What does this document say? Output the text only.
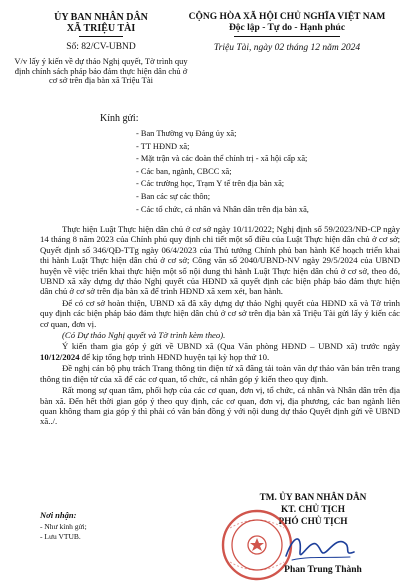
ỦY BAN NHÂN DÂN
XÃ TRIỆU TÀI
CỘNG HÒA XÃ HỘI CHỦ NGHĨA VIỆT NAM
Độc lập - Tự do - Hạnh phúc
Số: 82/CV-UBND	Triệu Tài, ngày 02 tháng 12 năm 2024
V/v lấy ý kiến về dự thảo Nghị quyết, Tờ trình quy định chính sách pháp bảo đảm thực hiện dân chủ ở cơ sở trên địa bàn xã Triệu Tài
Kính gửi:
- Ban Thường vụ Đảng ủy xã;
- TT HĐND xã;
- Mặt trận và các đoàn thể chính trị - xã hội cấp xã;
- Các ban, ngành, CBCC xã;
- Các trường học, Trạm Y tế trên địa bàn xã;
- Ban các sự các thôn;
- Các tổ chức, cá nhân và Nhân dân trên địa bàn xã,

Thực hiện Luật Thực hiện dân chủ ở cơ sở ngày 10/11/2022; Nghị định số 59/2023/NĐ-CP ngày 14 tháng 8 năm 2023 của Chính phủ quy định chi tiết một số điều của Luật Thực hiện dân chủ ở cơ sở; Quyết định số 346/QĐ-TTg ngày 06/4/2023 của Thủ tướng Chính phủ ban hành Kế hoạch triển khai thi hành Luật Thực hiện dân chủ ở cơ sở; Công văn số 2040/UBND-NV ngày 29/5/2024 của UBND huyện về việc triển khai thực hiện một số nội dung thi hành Luật Thực hiện dân chủ ở cơ sở, theo đó, UBND xã xây dựng dự thảo Nghị quyết của HĐND xã quyết định các biện pháp bảo đảm thực hiện dân chủ ở cơ sở trên địa bàn xã để trình HĐND xã xem xét, ban hành.

Để có cơ sở hoàn thiện, UBND xã đã xây dựng dự thảo Nghị quyết của HĐND xã và Tờ trình quy định các biện pháp bảo đảm thực hiện dân chủ ở cơ sở trên địa bàn xã Triệu Tài gửi lấy ý kiến các cơ quan, đơn vị.

(Có Dự thảo Nghị quyết và Tờ trình kèm theo).

Ý kiến tham gia góp ý gửi về UBND xã (Qua Văn phòng HĐND – UBND xã) trước ngày 10/12/2024 để kịp tổng hợp trình HĐND huyện tại kỳ họp thứ 10.

Đề nghị cán bộ phụ trách Trang thông tin điện tử xã đăng tải toàn văn dự thảo văn bản trên trang thông tin điện tử của xã để các cơ quan, tổ chức, cá nhân góp ý kiến theo quy định.

Rất mong sự quan tâm, phối hợp của các cơ quan, đơn vị, tổ chức, cá nhân và Nhân dân trên địa bàn xã. Đến hết thời gian góp ý theo quy định, các cơ quan, đơn vị, địa phương, các ban ngành liên quan không tham gia góp ý thì phải có văn bản đồng ý với nội dung dự thảo Quyết định gửi về UBND xã../.

Nơi nhận:
- Như kính gửi;
- Lưu VTUB.
TM. ỦY BAN NHÂN DÂN
KT. CHỦ TỊCH
PHÓ CHỦ TỊCH
Phan Trung Thành
